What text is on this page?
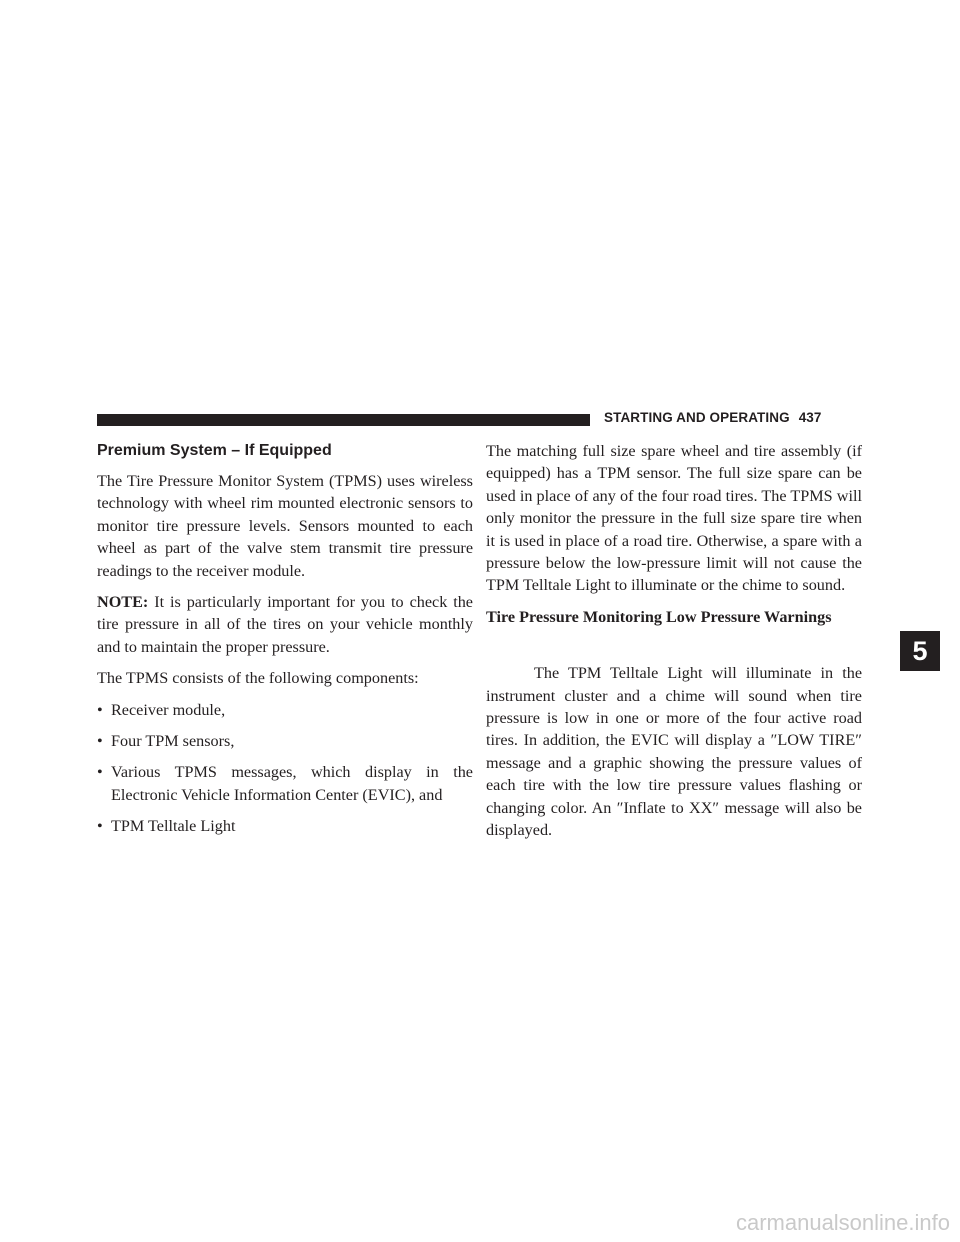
STARTING AND OPERATING 437
Premium System – If Equipped

The Tire Pressure Monitor System (TPMS) uses wireless technology with wheel rim mounted electronic sensors to monitor tire pressure levels. Sensors mounted to each wheel as part of the valve stem transmit tire pressure readings to the receiver module.

NOTE: It is particularly important for you to check the tire pressure in all of the tires on your vehicle monthly and to maintain the proper pressure.

The TPMS consists of the following components:

• Receiver module,
• Four TPM sensors,
• Various TPMS messages, which display in the Electronic Vehicle Information Center (EVIC), and
• TPM Telltale Light

The matching full size spare wheel and tire assembly (if equipped) has a TPM sensor. The full size spare can be used in place of any of the four road tires. The TPMS will only monitor the pressure in the full size spare tire when it is used in place of a road tire. Otherwise, a spare with a pressure below the low-pressure limit will not cause the TPM Telltale Light to illuminate or the chime to sound.

Tire Pressure Monitoring Low Pressure Warnings

The TPM Telltale Light will illuminate in the instrument cluster and a chime will sound when tire pressure is low in one or more of the four active road tires. In addition, the EVIC will display a ″LOW TIRE″ message and a graphic showing the pressure values of each tire with the low tire pressure values flashing or changing color. An ″Inflate to XX″ message will also be displayed.

5
carmanualsonline.info
